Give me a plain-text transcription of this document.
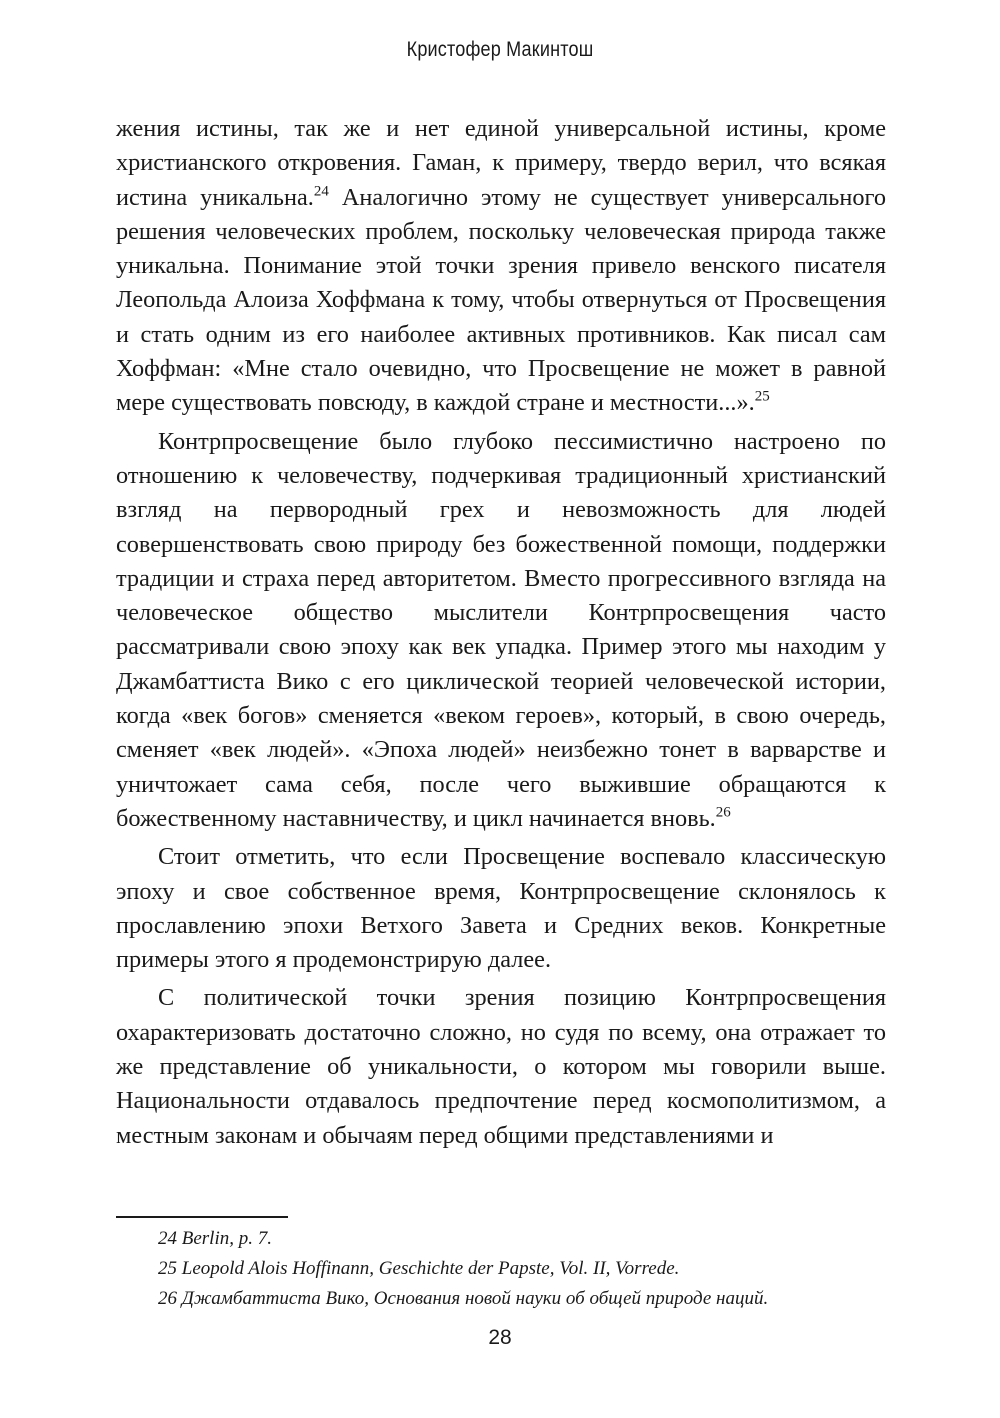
Кристофер Макинтош

жения истины, так же и нет единой универсальной истины, кроме христианского откровения. Гаман, к примеру, твердо верил, что всякая истина уникальна.$^{24}$ Аналогично этому не существует универсального решения человеческих проблем, поскольку человеческая природа также уникальна. Понимание этой точки зрения привело венского писателя Леопольда Алоиза Хоффмана к тому, чтобы отвернуться от Просвещения и стать одним из его наиболее активных противников. Как писал сам Хоффман: «Мне стало очевидно, что Просвещение не может в равной мере существовать повсюду, в каждой стране и местности...».$^{25}$

Контрпросвещение было глубоко пессимистично настроено по отношению к человечеству, подчеркивая традиционный христианский взгляд на первородный грех и невозможность для людей совершенствовать свою природу без божественной помощи, поддержки традиции и страха перед авторитетом. Вместо прогрессивного взгляда на человеческое общество мыслители Контрпросвещения часто рассматривали свою эпоху как век упадка. Пример этого мы находим у Джамбаттиста Вико с его циклической теорией человеческой истории, когда «век богов» сменяется «веком героев», который, в свою очередь, сменяет «век людей». «Эпоха людей» неизбежно тонет в варварстве и уничтожает сама себя, после чего выжившие обращаются к божественному наставничеству, и цикл начинается вновь.$^{26}$

Стоит отметить, что если Просвещение воспевало классическую эпоху и свое собственное время, Контрпросвещение склонялось к прославлению эпохи Ветхого Завета и Средних веков. Конкретные примеры этого я продемонстрирую далее.

С политической точки зрения позицию Контрпросвещения охарактеризовать достаточно сложно, но судя по всему, она отражает то же представление об уникальности, о котором мы говорили выше. Национальности отдавалось предпочтение перед космополитизмом, а местным законам и обычаям перед общими представлениями и

24 Berlin, p. 7.

25 Leopold Alois Hoffinann, Geschichte der Papste, Vol. II, Vorrede.

26 Джамбаттиста Вико, Основания новой науки об общей природе наций.

28
